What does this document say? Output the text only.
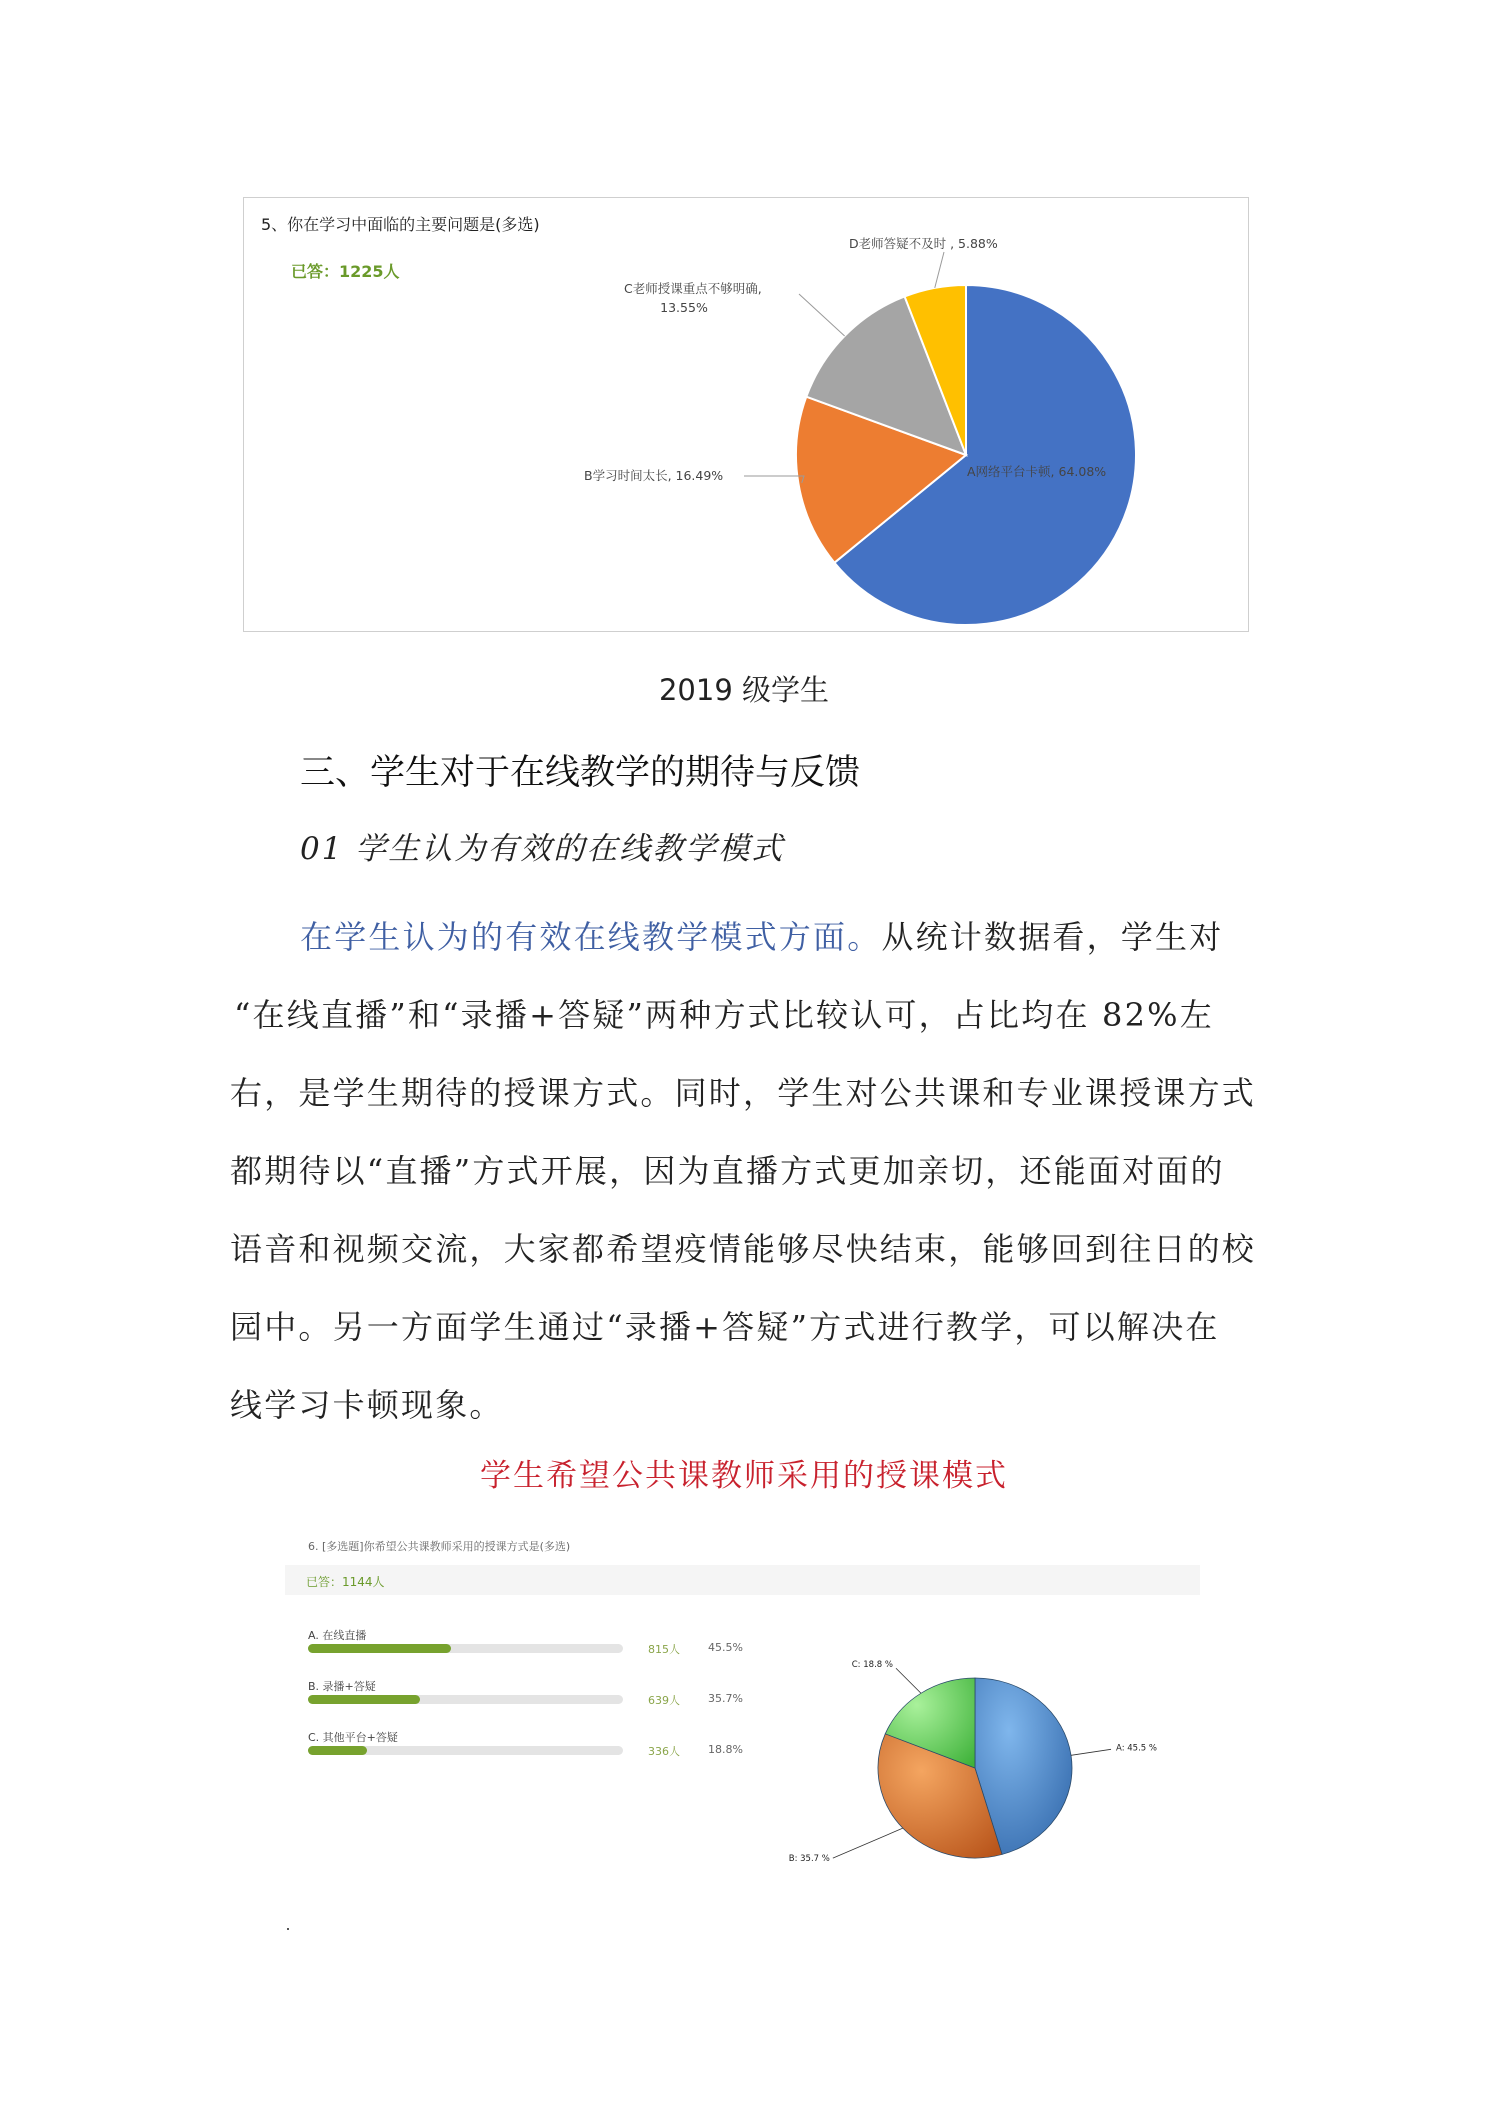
5、你在学习中面临的主要问题是(多选)
已答：1225人
A网络平台卡顿, 64.08%
B学习时间太长, 16.49%
C老师授课重点不够明确,
13.55%
D老师答疑不及时 , 5.88%
2019 级学生
三、学生对于在线教学的期待与反馈
01 学生认为有效的在线教学模式
在学生认为的有效在线教学模式方面。从统计数据看，学生对
“在线直播”和“录播+答疑”两种方式比较认可，占比均在 82%左
右，是学生期待的授课方式。同时，学生对公共课和专业课授课方式
都期待以“直播”方式开展，因为直播方式更加亲切，还能面对面的
语音和视频交流，大家都希望疫情能够尽快结束，能够回到往日的校
园中。另一方面学生通过“录播+答疑”方式进行教学，可以解决在
线学习卡顿现象。
学生希望公共课教师采用的授课模式
6. [多选题]你希望公共课教师采用的授课方式是(多选)
已答：1144人
A. 在线直播
815人	45.5%
B. 录播+答疑
639人	35.7%
C. 其他平台+答疑
336人	18.8%	A: 45.5 %
B: 35.7 %
C: 18.8 %
